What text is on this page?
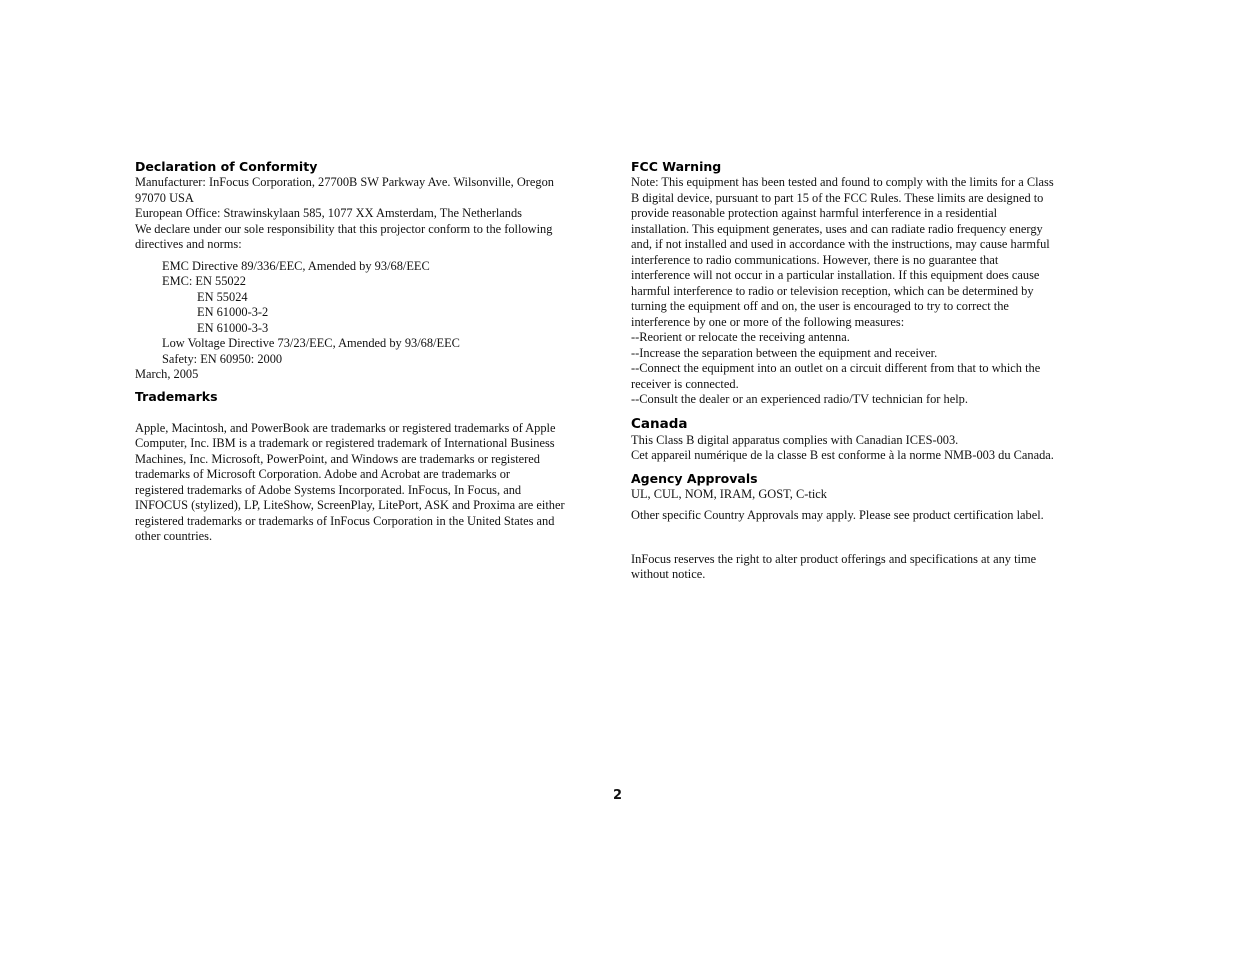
Declaration of Conformity

Manufacturer: InFocus Corporation, 27700B SW Parkway Ave. Wilsonville, Oregon

97070 USA

European Office: Strawinskylaan 585, 1077 XX Amsterdam, The Netherlands

We declare under our sole responsibility that this projector conform to the following

directives and norms:

EMC Directive 89/336/EEC, Amended by 93/68/EEC

EMC: EN 55022

EN 55024

EN 61000-3-2

EN 61000-3-3

Low Voltage Directive 73/23/EEC, Amended by 93/68/EEC

Safety: EN 60950: 2000

March, 2005

Trademarks

Apple, Macintosh, and PowerBook are trademarks or registered trademarks of Apple

Computer, Inc. IBM is a trademark or registered trademark of International Business

Machines, Inc. Microsoft, PowerPoint, and Windows are trademarks or registered

trademarks of Microsoft Corporation. Adobe and Acrobat are trademarks or

registered trademarks of Adobe Systems Incorporated. InFocus, In Focus, and

INFOCUS (stylized), LP, LiteShow, ScreenPlay, LitePort, ASK and Proxima are either

registered trademarks or trademarks of InFocus Corporation in the United States and

other countries.

FCC Warning

Note: This equipment has been tested and found to comply with the limits for a Class

B digital device, pursuant to part 15 of the FCC Rules. These limits are designed to

provide reasonable protection against harmful interference in a residential

installation. This equipment generates, uses and can radiate radio frequency energy

and, if not installed and used in accordance with the instructions, may cause harmful

interference to radio communications. However, there is no guarantee that

interference will not occur in a particular installation. If this equipment does cause

harmful interference to radio or television reception, which can be determined by

turning the equipment off and on, the user is encouraged to try to correct the

interference by one or more of the following measures:

--Reorient or relocate the receiving antenna.

--Increase the separation between the equipment and receiver.

--Connect the equipment into an outlet on a circuit different from that to which the

receiver is connected.

--Consult the dealer or an experienced radio/TV technician for help.

Canada

This Class B digital apparatus complies with Canadian ICES-003.

Cet appareil numérique de la classe B est conforme à la norme NMB-003 du Canada.

Agency Approvals

UL, CUL, NOM, IRAM, GOST, C-tick

Other specific Country Approvals may apply. Please see product certification label.

InFocus reserves the right to alter product offerings and specifications at any time

without notice.

2
